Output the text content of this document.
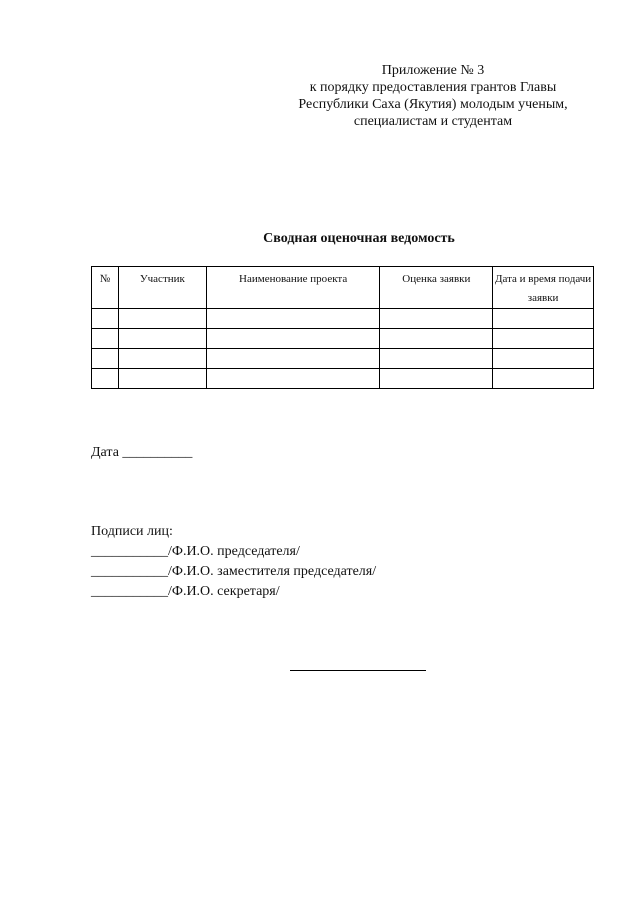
Приложение № 3
к порядку предоставления грантов Главы
Республики Саха (Якутия) молодым ученым,
специалистам и студентам
Сводная оценочная ведомость
№	Участник	Наименование проекта	Оценка заявки	Дата и время подачи заявки

Дата __________
Подписи лиц:
___________/Ф.И.О. председателя/
___________/Ф.И.О. заместителя председателя/
___________/Ф.И.О. секретаря/
